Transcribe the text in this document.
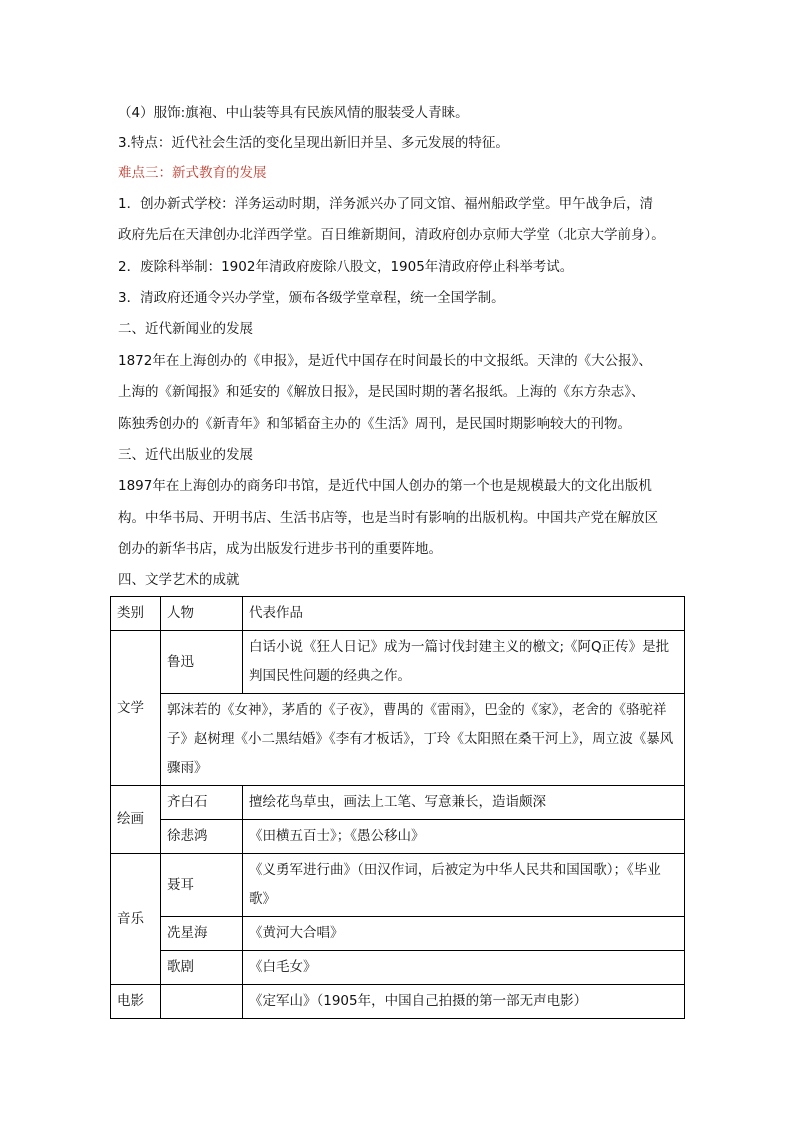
（4）服饰:旗袍、中山装等具有民族风情的服装受人青睐。
3.特点：近代社会生活的变化呈现出新旧并呈、多元发展的特征。
难点三：新式教育的发展
1．创办新式学校：洋务运动时期，洋务派兴办了同文馆、福州船政学堂。甲午战争后，清
政府先后在天津创办北洋西学堂。百日维新期间，清政府创办京师大学堂（北京大学前身）。
2．废除科举制：1902年清政府废除八股文，1905年清政府停止科举考试。
3．清政府还通令兴办学堂，颁布各级学堂章程，统一全国学制。
二、近代新闻业的发展
1872年在上海创办的《申报》，是近代中国存在时间最长的中文报纸。天津的《大公报》、
上海的《新闻报》和延安的《解放日报》，是民国时期的著名报纸。上海的《东方杂志》、
陈独秀创办的《新青年》和邹韬奋主办的《生活》周刊，是民国时期影响较大的刊物。
三、近代出版业的发展
1897年在上海创办的商务印书馆，是近代中国人创办的第一个也是规模最大的文化出版机
构。中华书局、开明书店、生活书店等，也是当时有影响的出版机构。中国共产党在解放区
创办的新华书店，成为出版发行进步书刊的重要阵地。
四、文学艺术的成就
类别	人物	代表作品
文学	鲁迅	白话小说《狂人日记》成为一篇讨伐封建主义的檄文;《阿Q正传》是批判国民性问题的经典之作。
	郭沫若的《女神》，茅盾的《子夜》，曹禺的《雷雨》，巴金的《家》，老舍的《骆驼祥子》赵树理《小二黑结婚》《李有才板话》，丁玲《太阳照在桑干河上》，周立波《暴风骤雨》	
绘画	齐白石	擅绘花鸟草虫，画法上工笔、写意兼长，造诣颇深
	徐悲鸿	《田横五百士》；《愚公移山》
音乐	聂耳	《义勇军进行曲》（田汉作词，后被定为中华人民共和国国歌）；《毕业歌》
	冼星海	《黄河大合唱》
	歌剧	《白毛女》
电影		《定军山》（1905年，中国自己拍摄的第一部无声电影）
